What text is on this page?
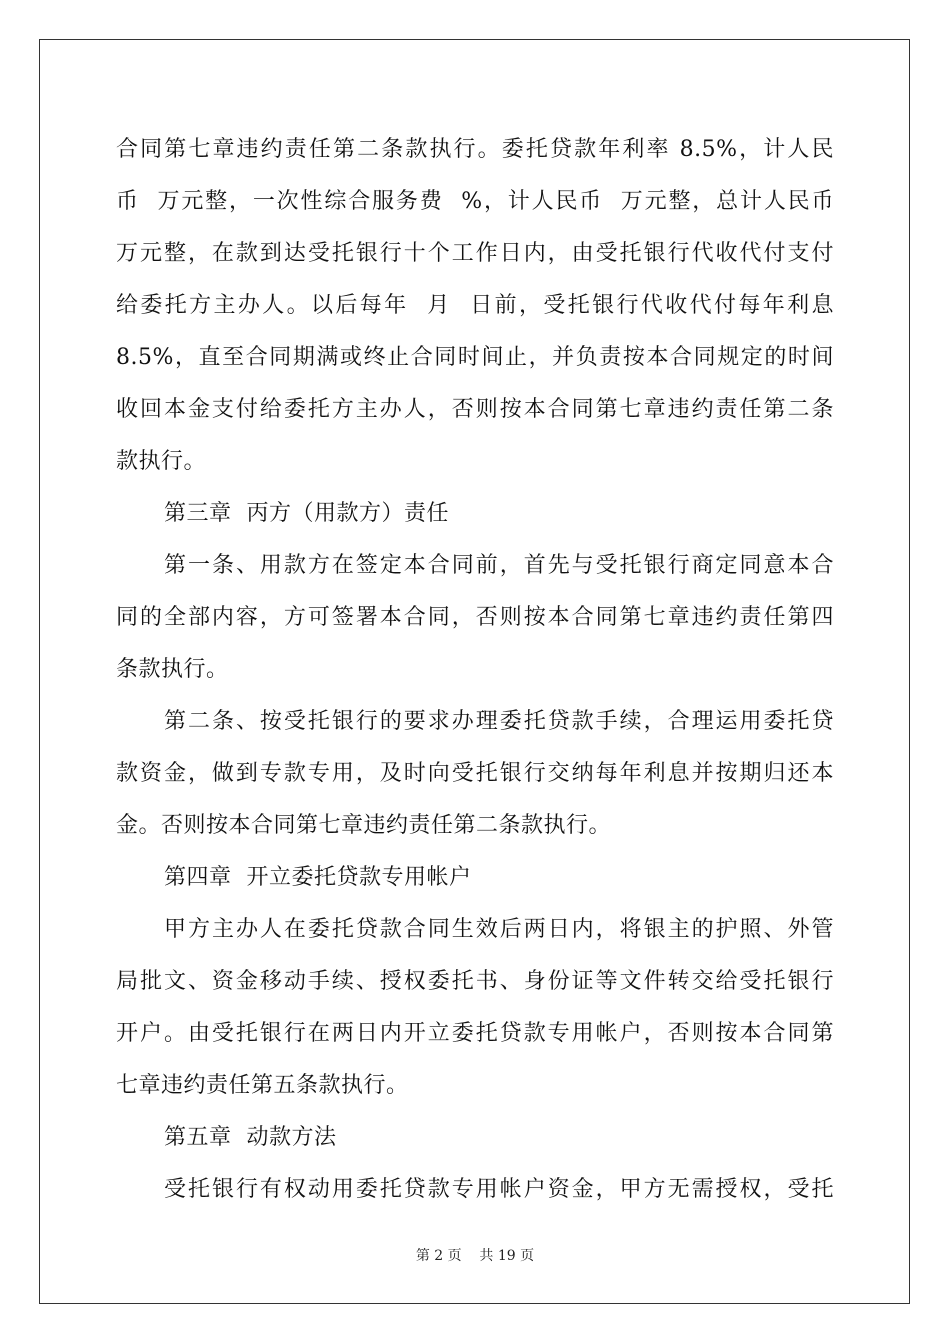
合同第七章违约责任第二条款执行。委托贷款年利率 8.5%，计人民
币  万元整，一次性综合服务费  %，计人民币  万元整，总计人民币
万元整，在款到达受托银行十个工作日内，由受托银行代收代付支付
给委托方主办人。以后每年  月  日前，受托银行代收代付每年利息
8.5%，直至合同期满或终止合同时间止，并负责按本合同规定的时间
收回本金支付给委托方主办人，否则按本合同第七章违约责任第二条
款执行。
第三章  丙方（用款方）责任
第一条、用款方在签定本合同前，首先与受托银行商定同意本合
同的全部内容，方可签署本合同，否则按本合同第七章违约责任第四
条款执行。
第二条、按受托银行的要求办理委托贷款手续，合理运用委托贷
款资金，做到专款专用，及时向受托银行交纳每年利息并按期归还本
金。否则按本合同第七章违约责任第二条款执行。
第四章  开立委托贷款专用帐户
甲方主办人在委托贷款合同生效后两日内，将银主的护照、外管
局批文、资金移动手续、授权委托书、身份证等文件转交给受托银行
开户。由受托银行在两日内开立委托贷款专用帐户，否则按本合同第
七章违约责任第五条款执行。
第五章  动款方法
受托银行有权动用委托贷款专用帐户资金，甲方无需授权，受托
第 2 页    共 19 页
